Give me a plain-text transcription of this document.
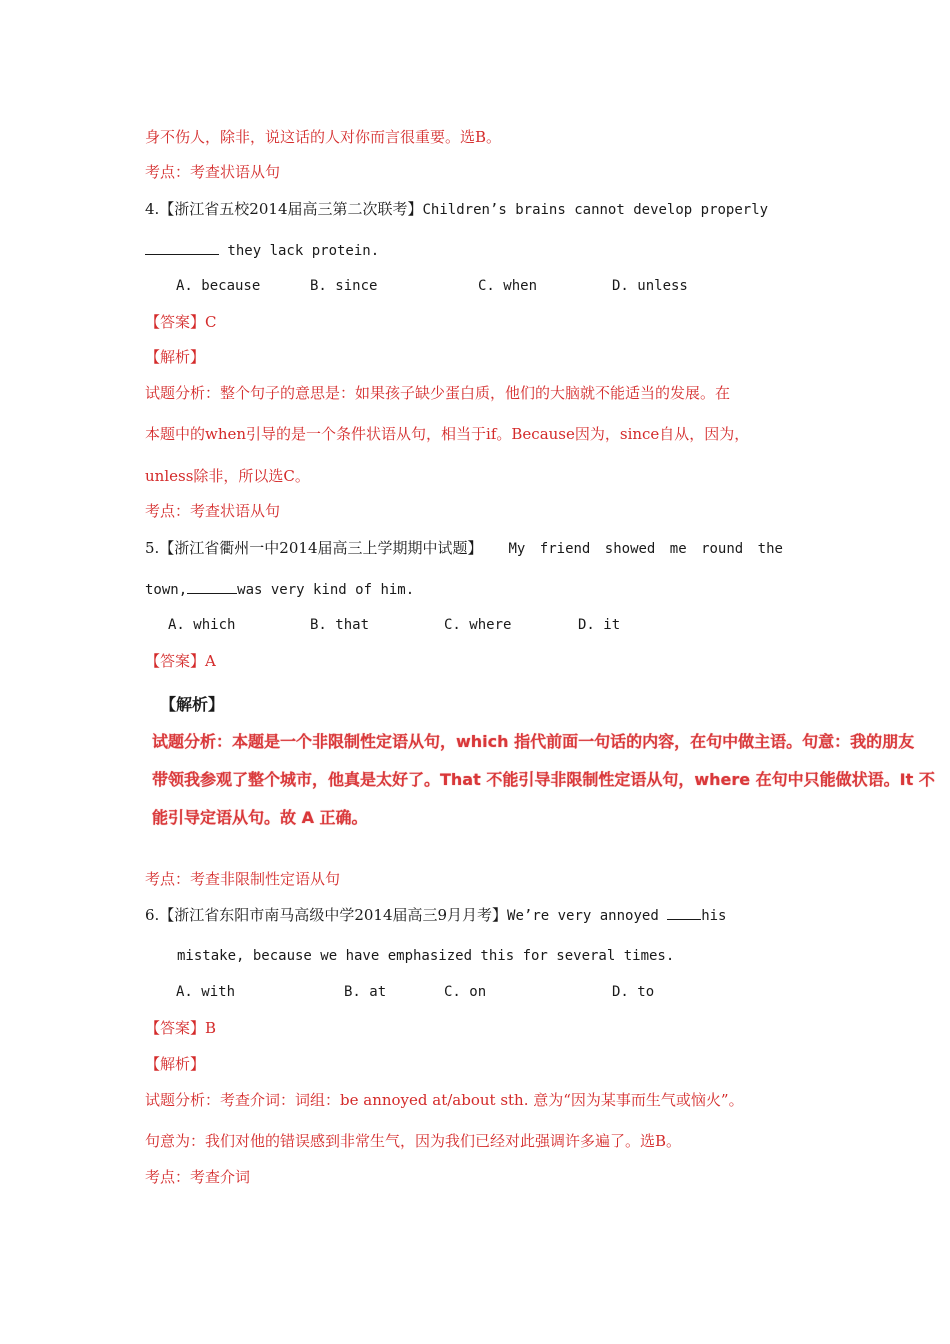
身不伤人，除非，说这话的人对你而言很重要。选B。
考点：考查状语从句
4.【浙江省五校2014届高三第二次联考】Children’s brains cannot develop properly
they lack protein.
A. because	B. since	C. when	D. unless
【答案】C
【解析】
试题分析：整个句子的意思是：如果孩子缺少蛋白质，他们的大脑就不能适当的发展。在
本题中的when引导的是一个条件状语从句，相当于if。Because因为，since自从，因为，
unless除非，所以选C。
考点：考查状语从句
5.【浙江省衢州一中2014届高三上学期期中试题】 My friend showed me round the
town,	was very kind of him.
A. which	B. that	C. where	D. it
【答案】A
【解析】
试题分析：本题是一个非限制性定语从句，which 指代前面一句话的内容，在句中做主语。句意：我的朋友
带领我参观了整个城市，他真是太好了。That 不能引导非限制性定语从句，where 在句中只能做状语。It 不
能引导定语从句。故 A 正确。
考点：考查非限制性定语从句
6.【浙江省东阳市南马高级中学2014届高三9月月考】We’re very annoyed	his
mistake, because we have emphasized this for several times.
A. with	B. at	C. on	D. to
【答案】B
【解析】
试题分析：考查介词：词组：be annoyed at/about sth. 意为“因为某事而生气或恼火”。
句意为：我们对他的错误感到非常生气，因为我们已经对此强调许多遍了。选B。
考点：考查介词
